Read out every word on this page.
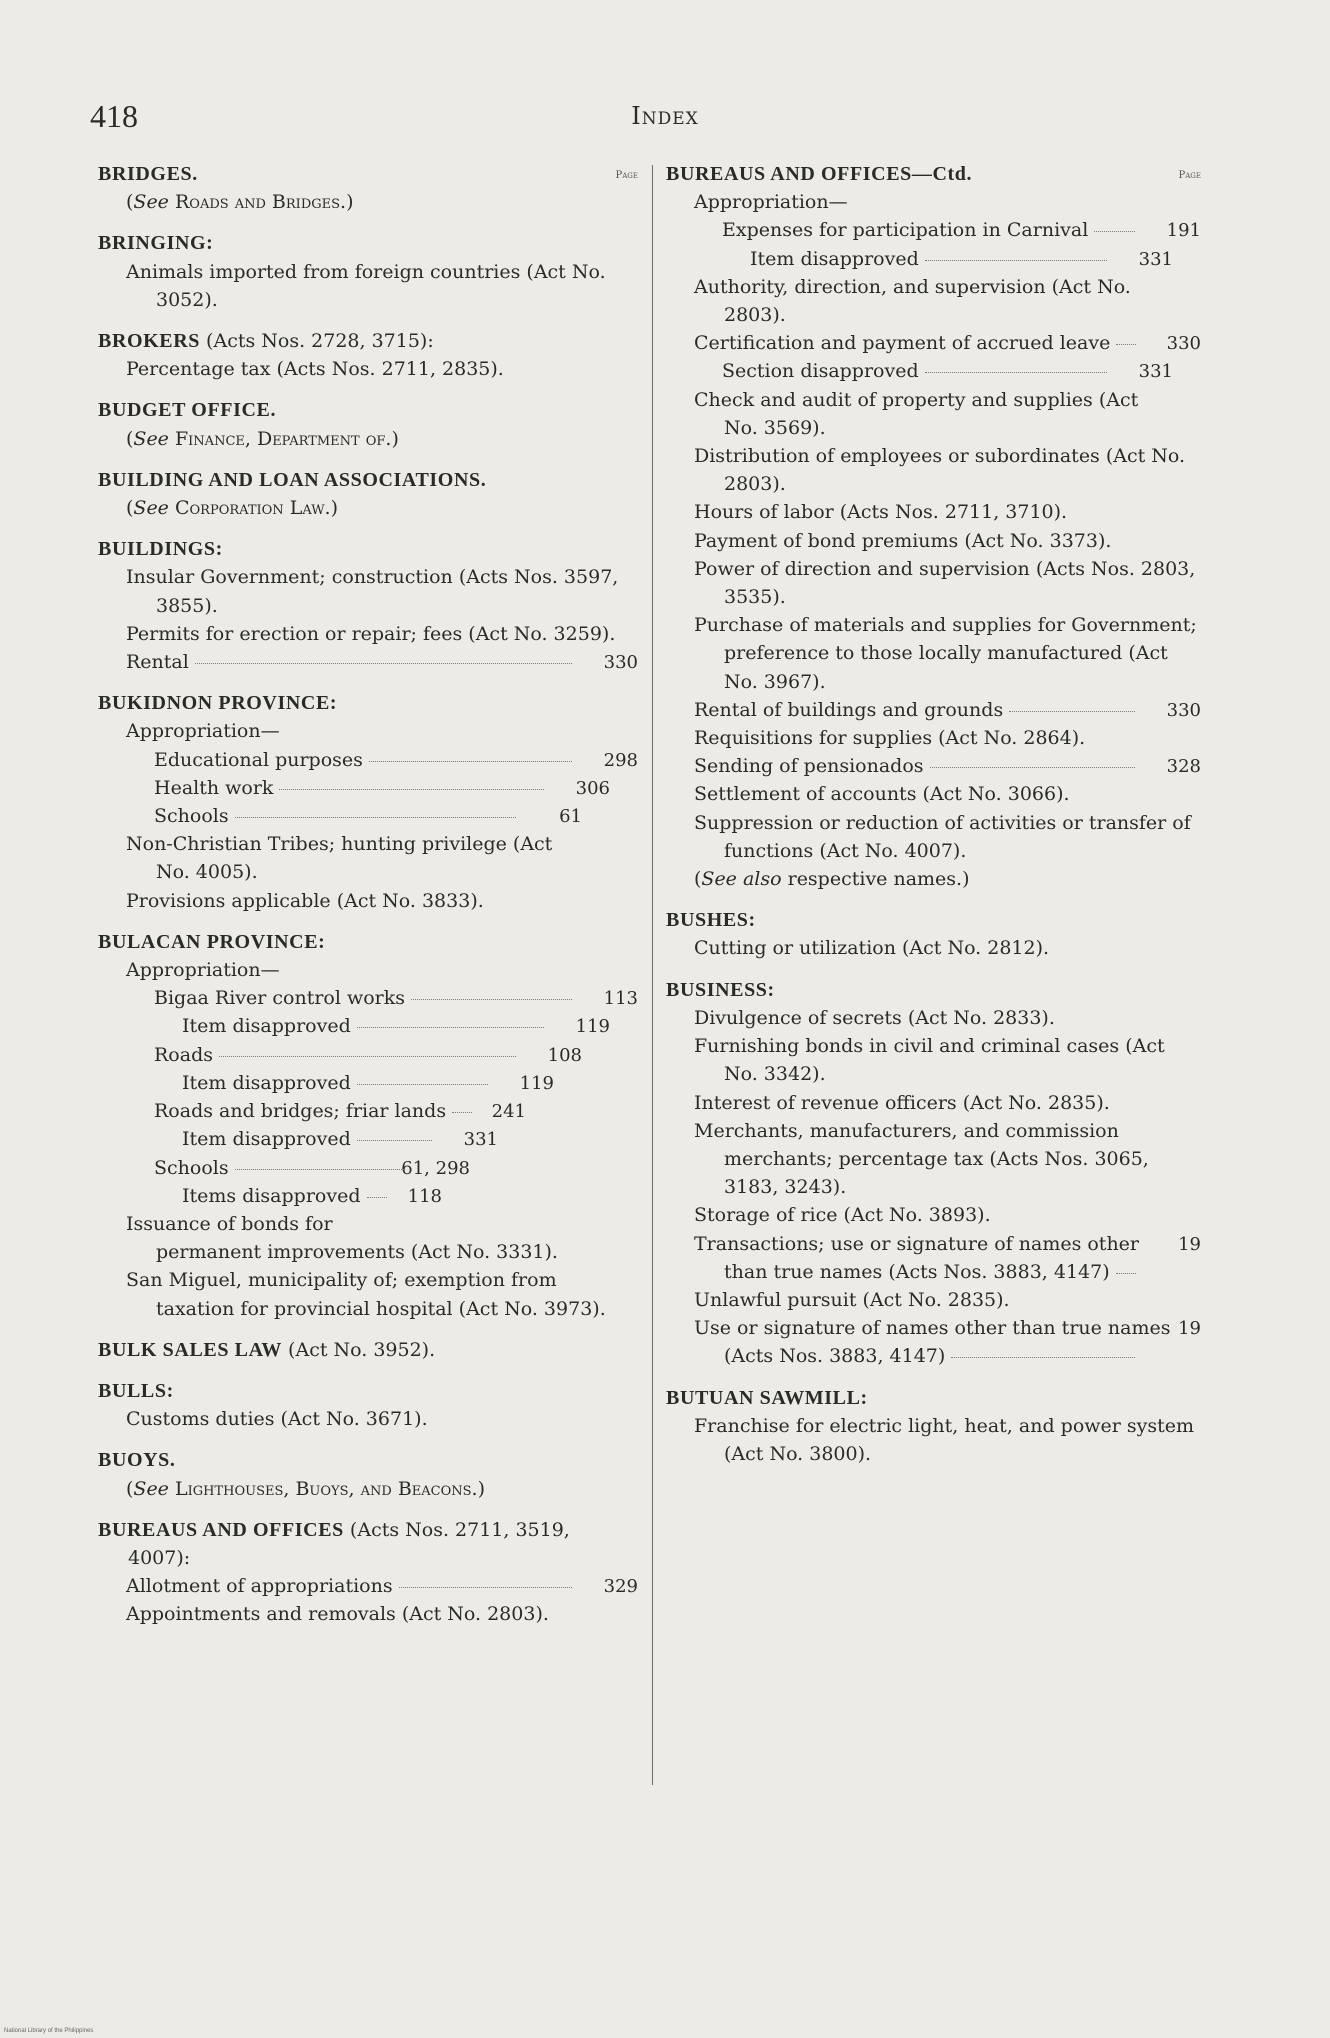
418	Index
Page
BRIDGES.
(See Roads and Bridges.)
BRINGING:
Animals imported from foreign countries (Act No. 3052).
BROKERS (Acts Nos. 2728, 3715):
Percentage tax (Acts Nos. 2711, 2835).
BUDGET OFFICE.
(See Finance, Department of.)
BUILDING AND LOAN ASSOCIATIONS.
(See Corporation Law.)
BUILDINGS:
Insular Government; construction (Acts Nos. 3597, 3855).
Permits for erection or repair; fees (Act No. 3259).
330
Rental
BUKIDNON PROVINCE:
Appropriation—
298
Educational purposes
306
Health work
61
Schools
Non-Christian Tribes; hunting privilege (Act No. 4005).
Provisions applicable (Act No. 3833).
BULACAN PROVINCE:
Appropriation—
113
Bigaa River control works
119
Item disapproved
108
Roads
119
Item disapproved
241
Roads and bridges; friar lands
331
Item disapproved
61, 298
Schools
118
Items disapproved
Issuance of bonds for permanent improvements (Act No. 3331).
San Miguel, municipality of; exemption from taxation for provincial hospital (Act No. 3973).
BULK SALES LAW (Act No. 3952).
BULLS:
Customs duties (Act No. 3671).
BUOYS.
(See Lighthouses, Buoys, and Beacons.)
BUREAUS AND OFFICES (Acts Nos. 2711, 3519, 4007):
329
Allotment of appropriations
Appointments and removals (Act No. 2803).
Page
BUREAUS AND OFFICES—Ctd.
Appropriation—
191
Expenses for participation in Carnival
331
Item disapproved
Authority, direction, and supervision (Act No. 2803).
330
Certification and payment of accrued leave
331
Section disapproved
Check and audit of property and supplies (Act No. 3569).
Distribution of employees or subordinates (Act No. 2803).
Hours of labor (Acts Nos. 2711, 3710).
Payment of bond premiums (Act No. 3373).
Power of direction and supervision (Acts Nos. 2803, 3535).
Purchase of materials and supplies for Government; preference to those locally manufactured (Act No. 3967).
330
Rental of buildings and grounds
Requisitions for supplies (Act No. 2864).
328
Sending of pensionados
Settlement of accounts (Act No. 3066).
Suppression or reduction of activities or transfer of functions (Act No. 4007).
(See also respective names.)
BUSHES:
Cutting or utilization (Act No. 2812).
BUSINESS:
Divulgence of secrets (Act No. 2833).
Furnishing bonds in civil and criminal cases (Act No. 3342).
Interest of revenue officers (Act No. 2835).
Merchants, manufacturers, and commission merchants; percentage tax (Acts Nos. 3065, 3183, 3243).
Storage of rice (Act No. 3893).
19
Transactions; use or signature of names other than true names (Acts Nos. 3883, 4147)
Unlawful pursuit (Act No. 2835).
19
Use or signature of names other than true names (Acts Nos. 3883, 4147)
BUTUAN SAWMILL:
Franchise for electric light, heat, and power system (Act No. 3800).
National Library of the Philippines
